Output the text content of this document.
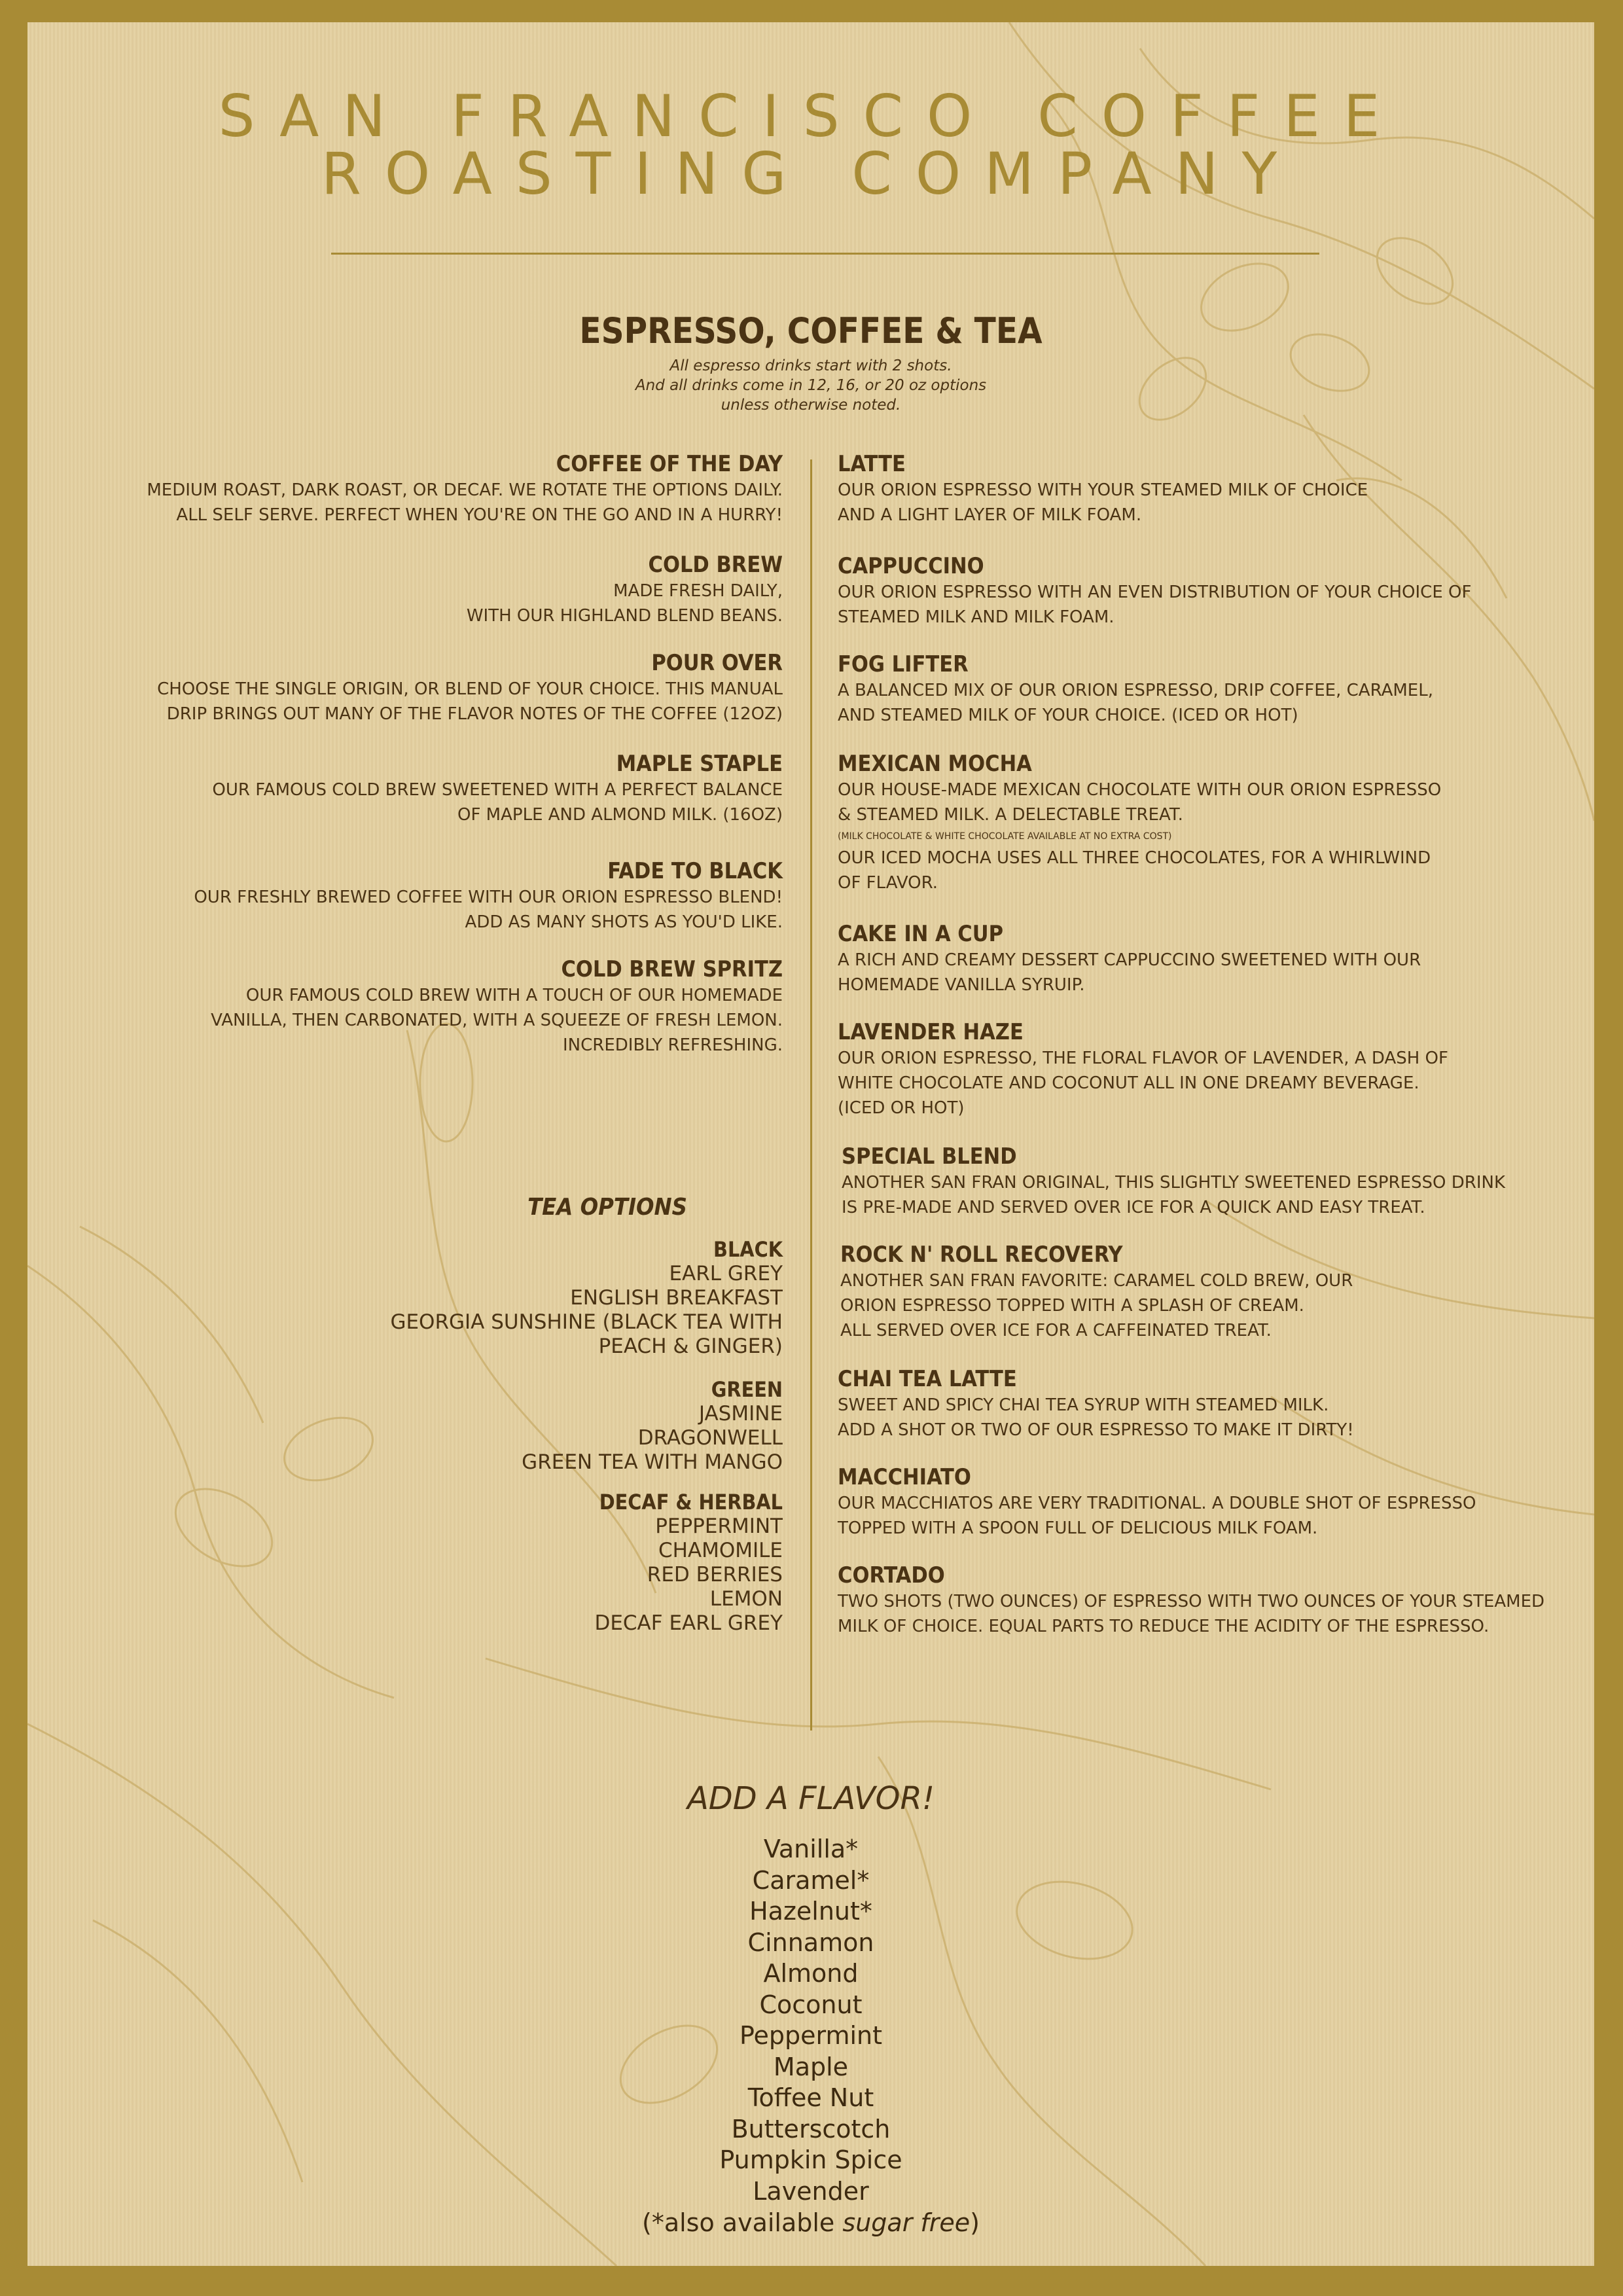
SAN FRANCISCO COFFEE
ROASTING COMPANY
ESPRESSO, COFFEE & TEA
All espresso drinks start with 2 shots.
And all drinks come in 12, 16, or 20 oz options
unless otherwise noted.
COFFEE OF THE DAY
MEDIUM ROAST, DARK ROAST, OR DECAF. WE ROTATE THE OPTIONS DAILY.
ALL SELF SERVE. PERFECT WHEN YOU'RE ON THE GO AND IN A HURRY!
COLD BREW
MADE FRESH DAILY,
WITH OUR HIGHLAND BLEND BEANS.
POUR OVER
CHOOSE THE SINGLE ORIGIN, OR BLEND OF YOUR CHOICE. THIS MANUAL
DRIP BRINGS OUT MANY OF THE FLAVOR NOTES OF THE COFFEE (12OZ)
MAPLE STAPLE
OUR FAMOUS COLD BREW SWEETENED WITH A PERFECT BALANCE
OF MAPLE AND ALMOND MILK. (16OZ)
FADE TO BLACK
OUR FRESHLY BREWED COFFEE WITH OUR ORION ESPRESSO BLEND!
ADD AS MANY SHOTS AS YOU'D LIKE.
COLD BREW SPRITZ
OUR FAMOUS COLD BREW WITH A TOUCH OF OUR HOMEMADE
VANILLA, THEN CARBONATED, WITH A SQUEEZE OF FRESH LEMON.
INCREDIBLY REFRESHING.
TEA OPTIONS
BLACK
EARL GREY
ENGLISH BREAKFAST
GEORGIA SUNSHINE (BLACK TEA WITH
PEACH & GINGER)
GREEN
JASMINE
DRAGONWELL
GREEN TEA WITH MANGO
DECAF & HERBAL
PEPPERMINT
CHAMOMILE
RED BERRIES
LEMON
DECAF EARL GREY
LATTE
OUR ORION ESPRESSO WITH YOUR STEAMED MILK OF CHOICE
AND A LIGHT LAYER OF MILK FOAM.
CAPPUCCINO
OUR ORION ESPRESSO WITH AN EVEN DISTRIBUTION OF YOUR CHOICE OF
STEAMED MILK AND MILK FOAM.
FOG LIFTER
A BALANCED MIX OF OUR ORION ESPRESSO, DRIP COFFEE, CARAMEL,
AND STEAMED MILK OF YOUR CHOICE. (ICED OR HOT)
MEXICAN MOCHA
OUR HOUSE-MADE MEXICAN CHOCOLATE WITH OUR ORION ESPRESSO
& STEAMED MILK. A DELECTABLE TREAT.
(MILK CHOCOLATE & WHITE CHOCOLATE AVAILABLE AT NO EXTRA COST)
OUR ICED MOCHA USES ALL THREE CHOCOLATES, FOR A WHIRLWIND
OF FLAVOR.
CAKE IN A CUP
A RICH AND CREAMY DESSERT CAPPUCCINO SWEETENED WITH OUR
HOMEMADE VANILLA SYRUIP.
LAVENDER HAZE
OUR ORION ESPRESSO, THE FLORAL FLAVOR OF LAVENDER, A DASH OF
WHITE CHOCOLATE AND COCONUT ALL IN ONE DREAMY BEVERAGE.
(ICED OR HOT)
SPECIAL BLEND
ANOTHER SAN FRAN ORIGINAL, THIS SLIGHTLY SWEETENED ESPRESSO DRINK
IS PRE-MADE AND SERVED OVER ICE FOR A QUICK AND EASY TREAT.
ROCK N' ROLL RECOVERY
ANOTHER SAN FRAN FAVORITE: CARAMEL COLD BREW, OUR
ORION ESPRESSO TOPPED WITH A SPLASH OF CREAM.
ALL SERVED OVER ICE FOR A CAFFEINATED TREAT.
CHAI TEA LATTE
SWEET AND SPICY CHAI TEA SYRUP WITH STEAMED MILK.
ADD A SHOT OR TWO OF OUR ESPRESSO TO MAKE IT DIRTY!
MACCHIATO
OUR MACCHIATOS ARE VERY TRADITIONAL. A DOUBLE SHOT OF ESPRESSO
TOPPED WITH A SPOON FULL OF DELICIOUS MILK FOAM.
CORTADO
TWO SHOTS (TWO OUNCES) OF ESPRESSO WITH TWO OUNCES OF YOUR STEAMED
MILK OF CHOICE. EQUAL PARTS TO REDUCE THE ACIDITY OF THE ESPRESSO.
ADD A FLAVOR!
Vanilla*
Caramel*
Hazelnut*
Cinnamon
Almond
Coconut
Peppermint
Maple
Toffee Nut
Butterscotch
Pumpkin Spice
Lavender
(*also available sugar free)
